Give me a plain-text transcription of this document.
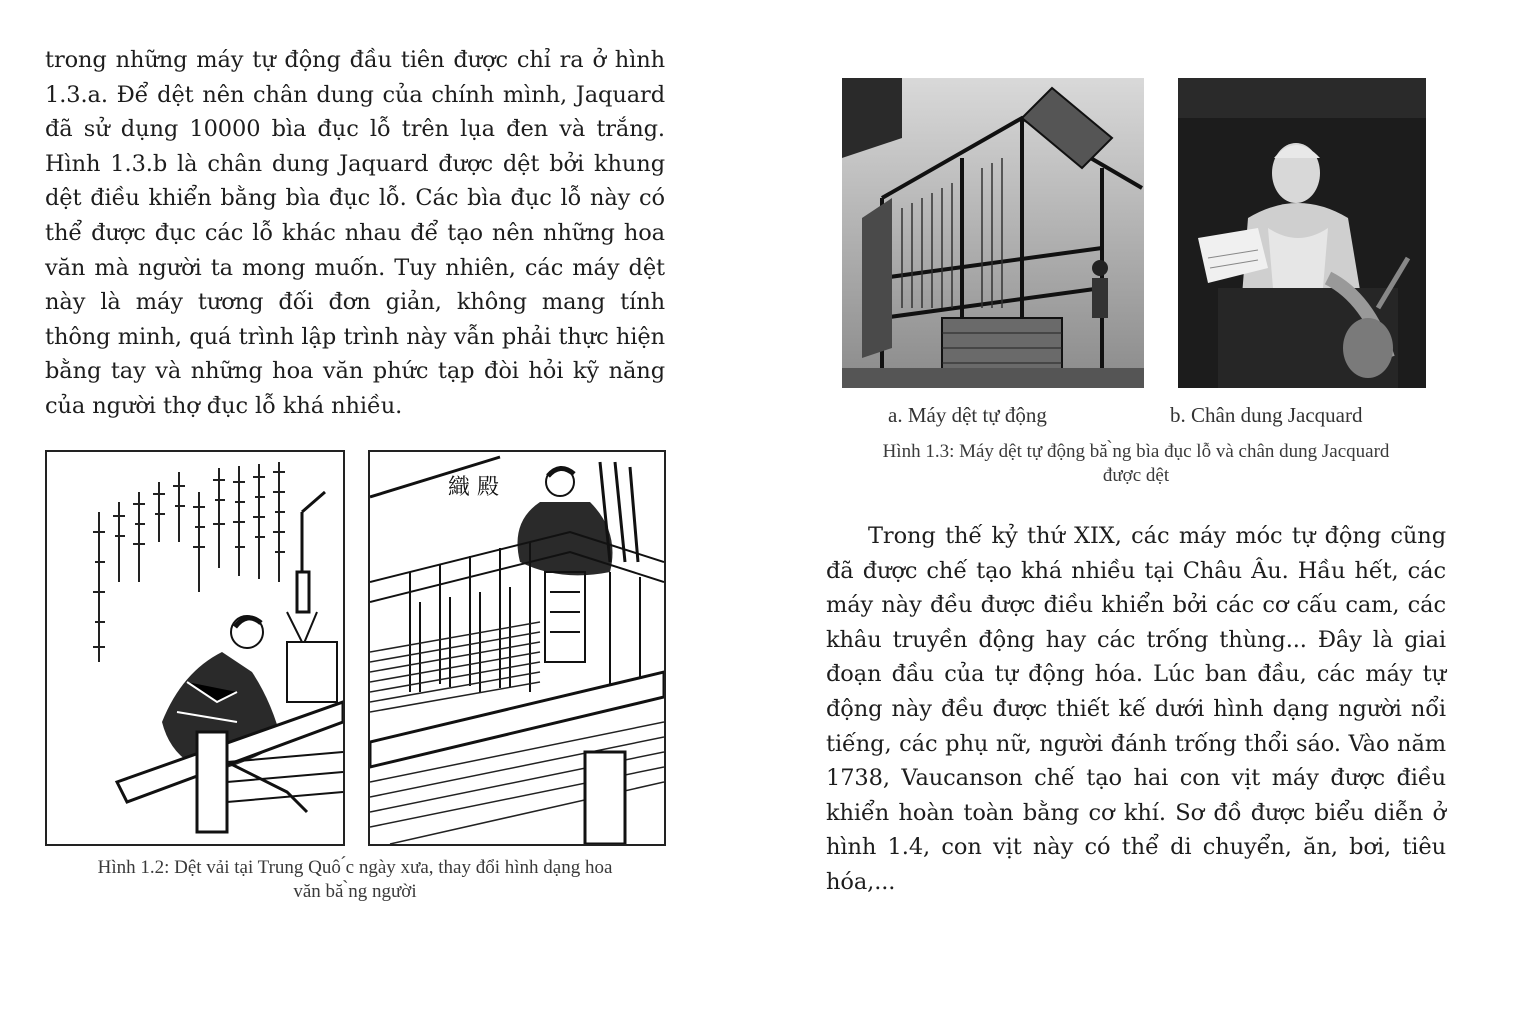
trong những máy tự động đầu tiên được chỉ ra ở hình 1.3.a. Để dệt nên chân dung của chính mình, Jaquard đã sử dụng 10000 bìa đục lỗ trên lụa đen và trắng. Hình 1.3.b là chân dung Jaquard được dệt bởi khung dệt điều khiển bằng bìa đục lỗ. Các bìa đục lỗ này có thể được đục các lỗ khác nhau để tạo nên những hoa văn mà người ta mong muốn. Tuy nhiên, các máy dệt này là máy tương đối đơn giản, không mang tính thông minh, quá trình lập trình này vẫn phải thực hiện bằng tay và những hoa văn phức tạp đòi hỏi kỹ năng của người thợ đục lỗ khá nhiều.

織 殿

Hình 1.2: Dệt vải tại Trung Quô ́c ngày xưa, thay đổi hình dạng hoa

văn bă ̀ng người

a. Máy dệt tự động	b. Chân dung Jacquard

Hình 1.3: Máy dệt tự động bă ̀ng bìa đục lỗ và chân dung Jacquard

được dệt

Trong thế kỷ thứ XIX, các máy móc tự động cũng đã được chế tạo khá nhiều tại Châu Âu. Hầu hết, các máy này đều được điều khiển bởi các cơ cấu cam, các khâu truyền động hay các trống thùng... Đây là giai đoạn đầu của tự động hóa. Lúc ban đầu, các máy tự động này đều được thiết kế dưới hình dạng người nổi tiếng, các phụ nữ, người đánh trống thổi sáo. Vào năm 1738, Vaucanson chế tạo hai con vịt máy được điều khiển hoàn toàn bằng cơ khí. Sơ đồ được biểu diễn ở hình 1.4, con vịt này có thể di chuyển, ăn, bơi, tiêu hóa,...
